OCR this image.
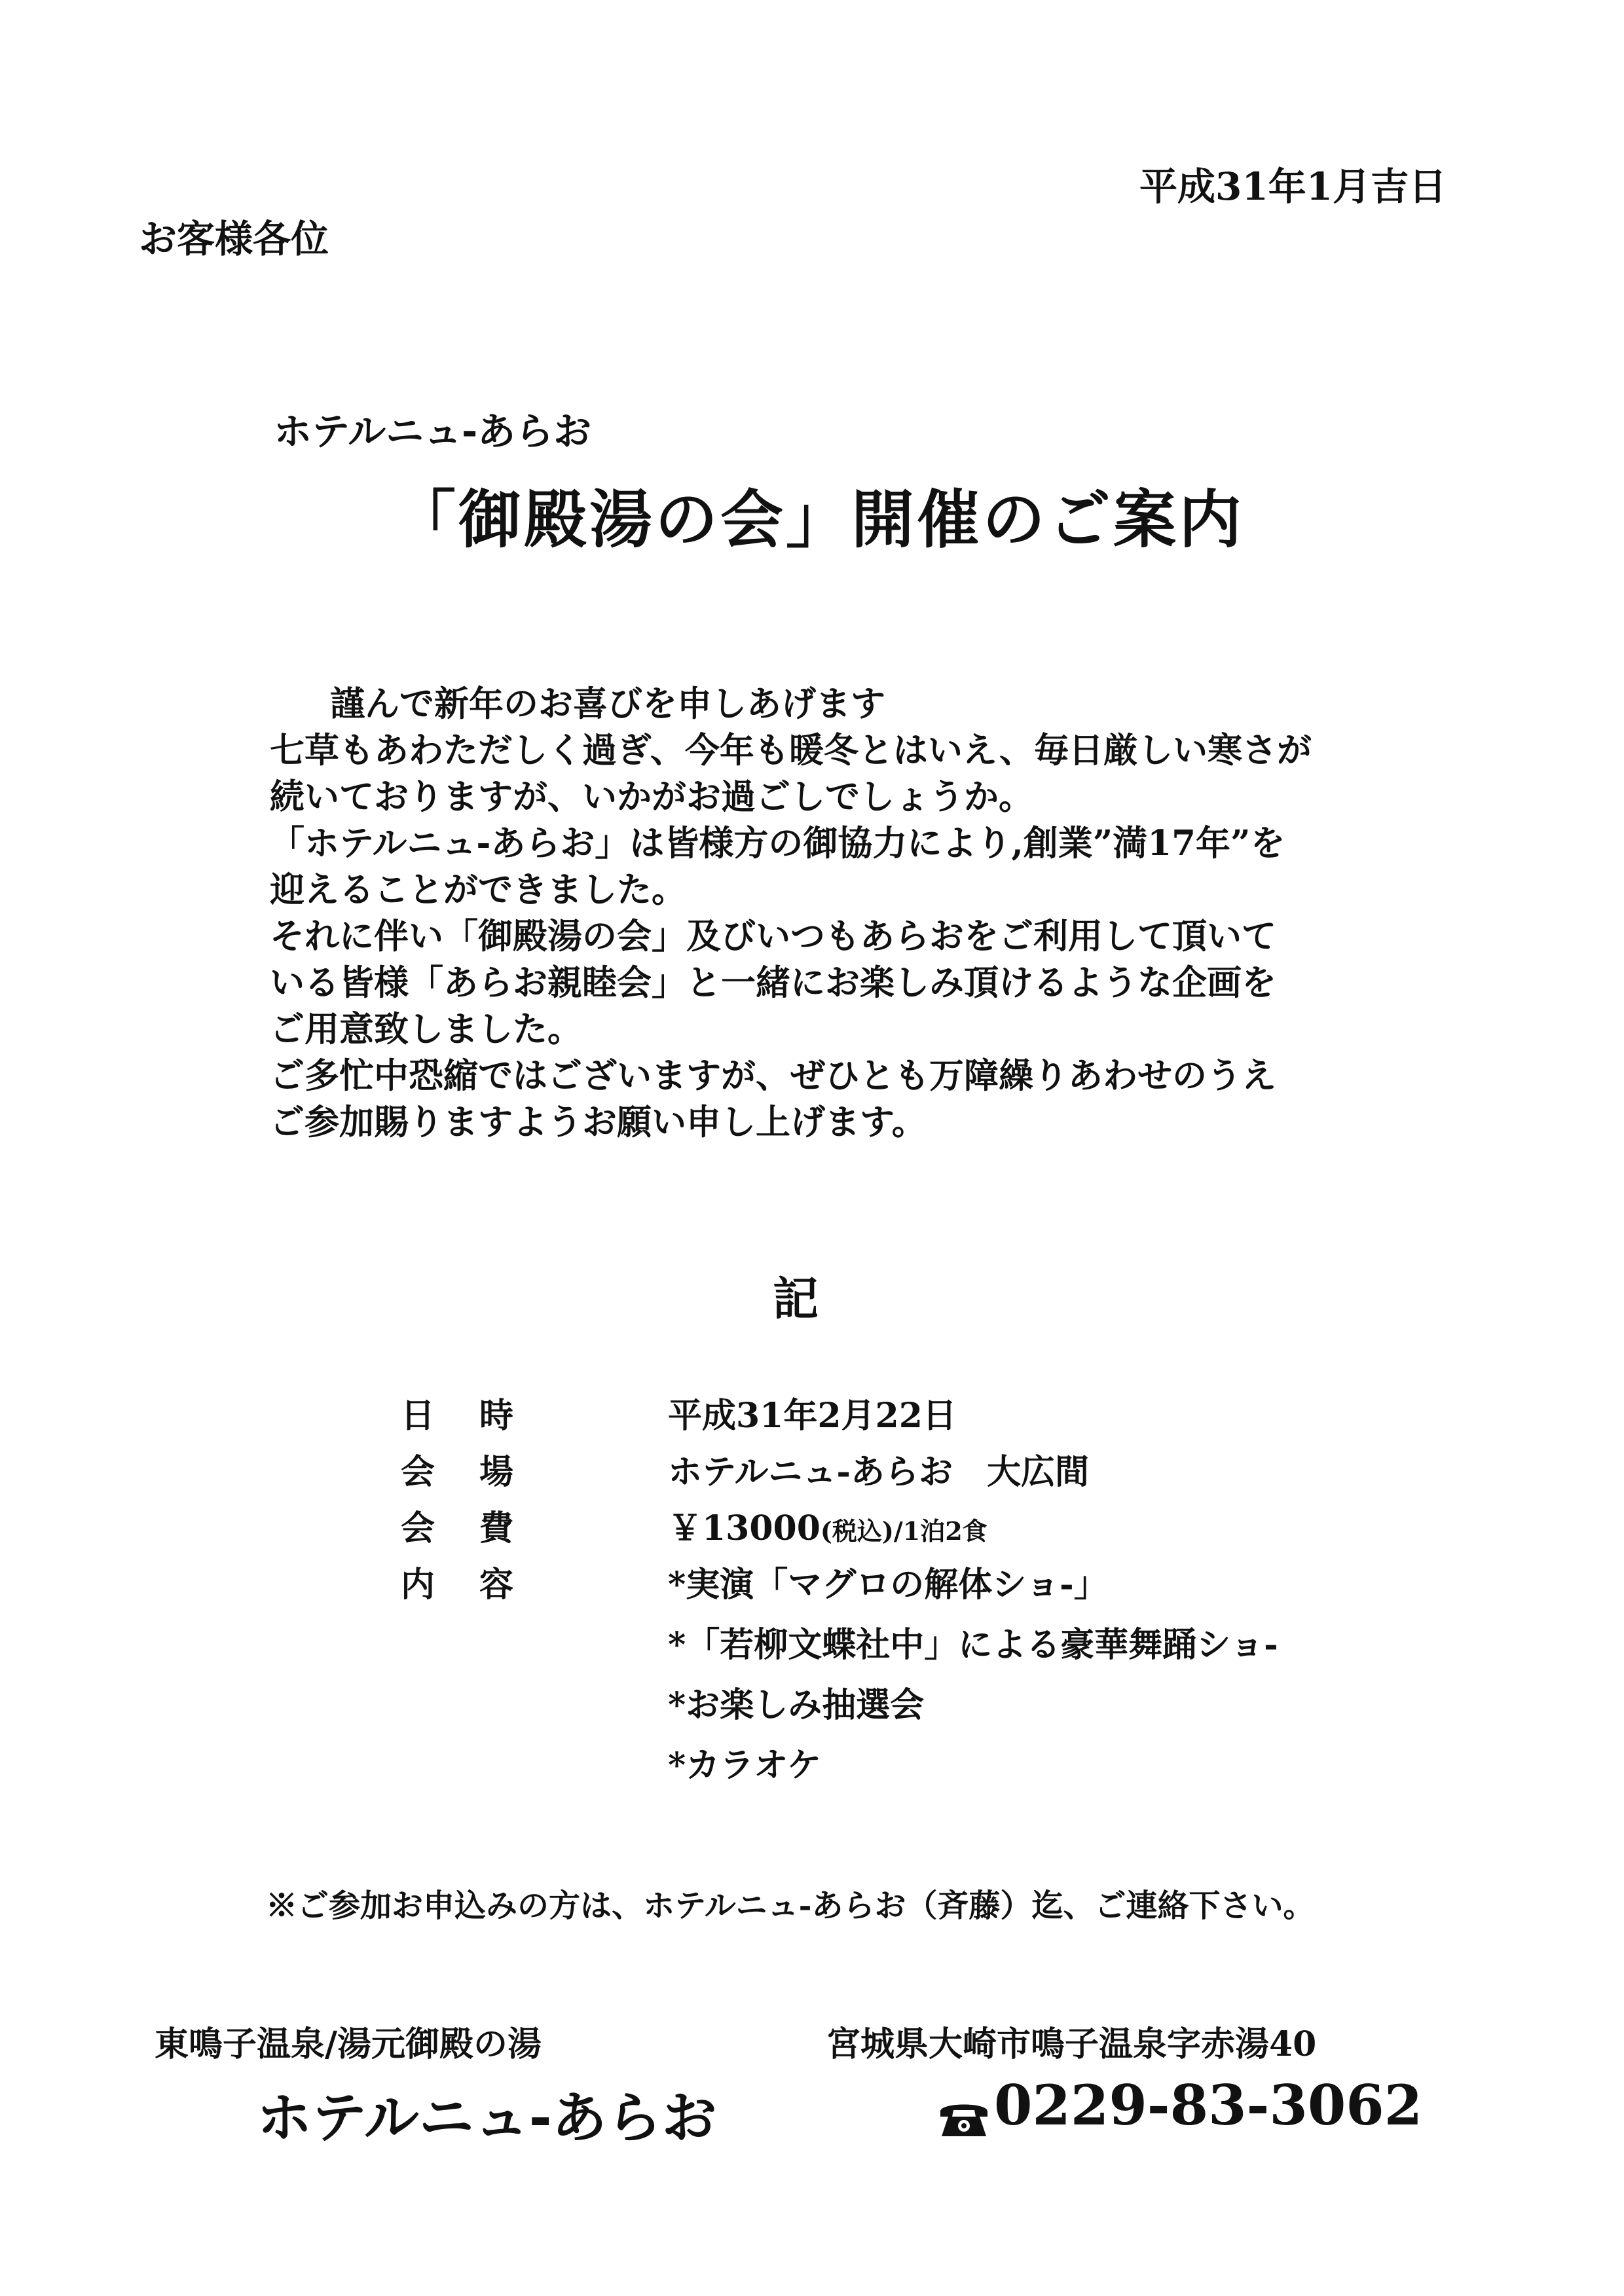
平成31年1月吉日
お客様各位
ホテルニュ-あらお
「御殿湯の会」開催のご案内
謹んで新年のお喜びを申しあげます
七草もあわただしく過ぎ、今年も暖冬とはいえ、毎日厳しい寒さが
続いておりますが、いかがお過ごしでしょうか。
「ホテルニュ-あらお」は皆様方の御協力により,創業”満17年”を
迎えることができました。
それに伴い「御殿湯の会」及びいつもあらおをご利用して頂いて
いる皆様「あらお親睦会」と一緒にお楽しみ頂けるような企画を
ご用意致しました。
ご多忙中恐縮ではございますが、ぜひとも万障繰りあわせのうえ
ご参加賜りますようお願い申し上げます。
記
日時	平成31年2月22日
会場	ホテルニュ-あらお　大広間
会費	￥13000(税込)/1泊2食
内容	*実演「マグロの解体ショ-」
*「若柳文蝶社中」による豪華舞踊ショ-
*お楽しみ抽選会
*カラオケ
※ご参加お申込みの方は、ホテルニュ-あらお（斉藤）迄、ご連絡下さい。
東鳴子温泉/湯元御殿の湯
ホテルニュ-あらお
宮城県大崎市鳴子温泉字赤湯40
0229-83-3062
